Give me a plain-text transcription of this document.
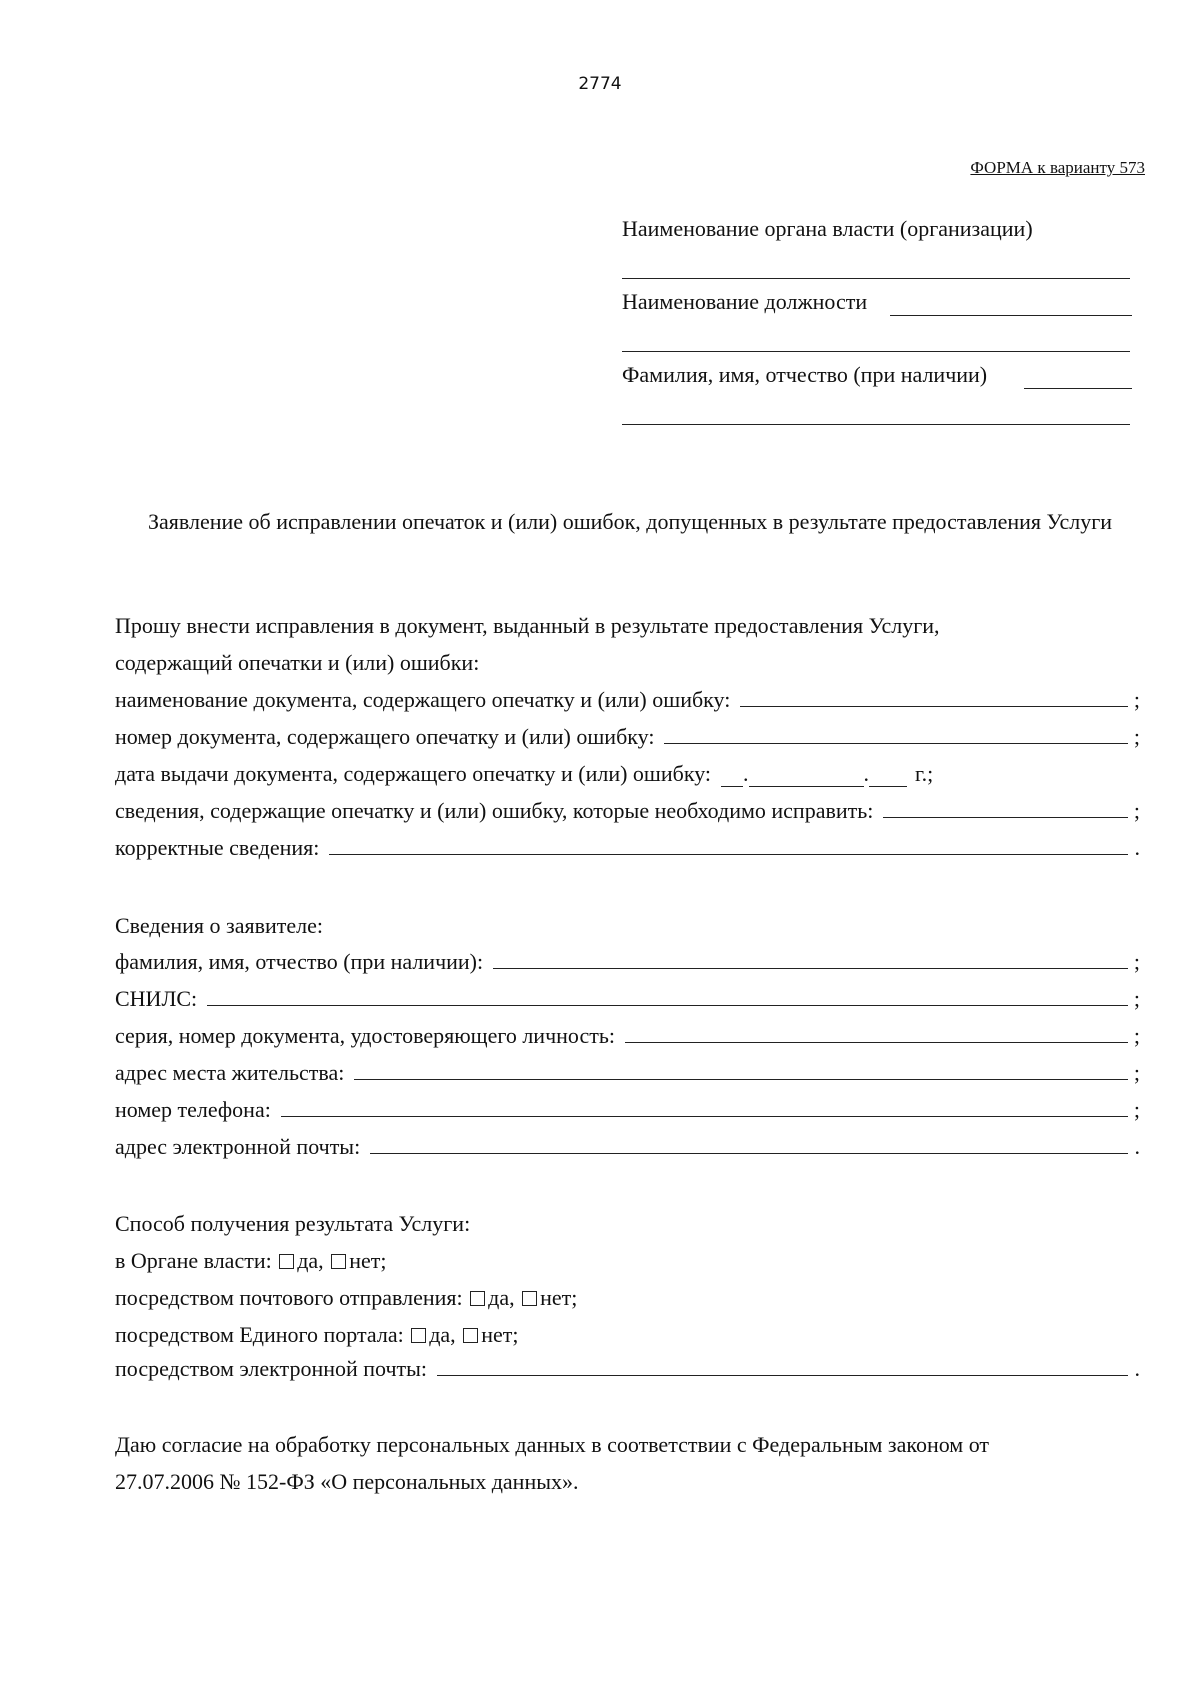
2774
ФОРМА к варианту 573
Наименование органа власти (организации)
Наименование должности
Фамилия, имя, отчество (при наличии)
Заявление об исправлении опечаток и (или) ошибок, допущенных в результате предоставления Услуги
Прошу внести исправления в документ, выданный в результате предоставления Услуги,
содержащий опечатки и (или) ошибки:
наименование документа, содержащего опечатку и (или) ошибку:	;
номер документа, содержащего опечатку и (или) ошибку:	;
дата выдачи документа, содержащего опечатку и (или) ошибку:	.	.	г.;
сведения, содержащие опечатку и (или) ошибку, которые необходимо исправить:	;
корректные сведения:	.
Сведения о заявителе:
фамилия, имя, отчество (при наличии):	;
СНИЛС:	;
серия, номер документа, удостоверяющего личность:	;
адрес места жительства:	;
номер телефона:	;
адрес электронной почты:	.
Способ получения результата Услуги:
в Органе власти: да, нет;
посредством почтового отправления: да, нет;
посредством Единого портала: да, нет;
посредством электронной почты:	.
Даю согласие на обработку персональных данных в соответствии с Федеральным законом от
27.07.2006 № 152-ФЗ «О персональных данных».
